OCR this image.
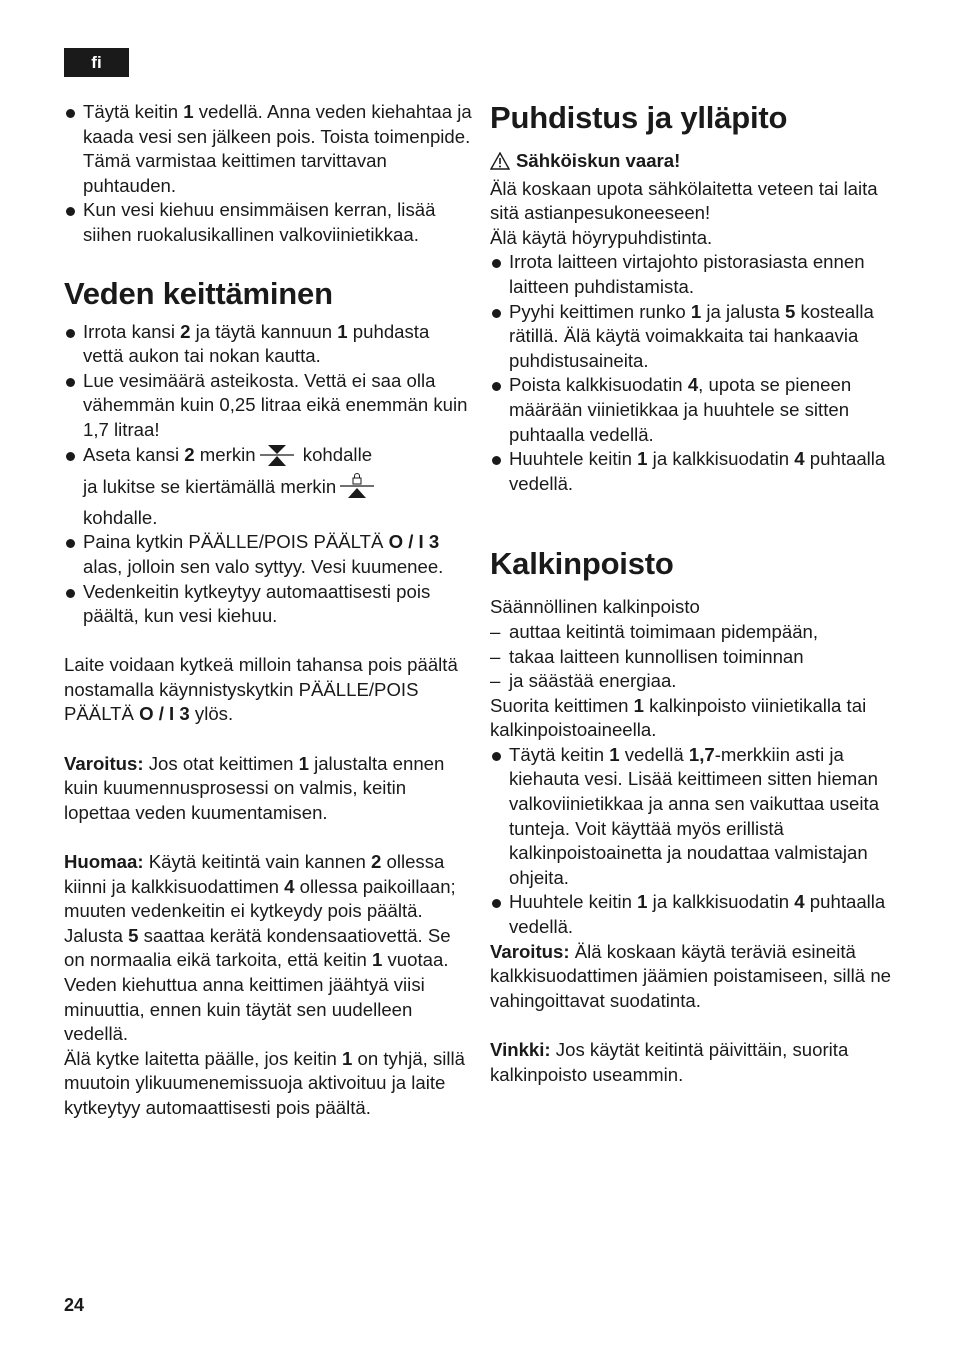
fi
Täytä keitin 1 vedellä. Anna veden kiehahtaa ja kaada vesi sen jälkeen pois. Toista toimenpide. Tämä varmistaa keittimen tarvittavan puhtauden.
Kun vesi kiehuu ensimmäisen kerran, lisää siihen ruokalusikallinen valkoviinietikkaa.
Veden keittäminen
Irrota kansi 2 ja täytä kannuun 1 puhdasta vettä aukon tai nokan kautta.
Lue vesimäärä asteikosta. Vettä ei saa olla vähemmän kuin 0,25 litraa eikä enemmän kuin 1,7 litraa!
Aseta kansi 2 merkin kohdalle
ja lukitse se kiertämällä merkin
kohdalle.
Paina kytkin PÄÄLLE/POIS PÄÄLTÄ O / I 3 alas, jolloin sen valo syttyy. Vesi kuumenee.
Vedenkeitin kytkeytyy automaattisesti pois päältä, kun vesi kiehuu.

Laite voidaan kytkeä milloin tahansa pois päältä nostamalla käynnistyskytkin PÄÄLLE/POIS PÄÄLTÄ O / I 3 ylös.

Varoitus: Jos otat keittimen 1 jalustalta ennen kuin kuumennusprosessi on valmis, keitin lopettaa veden kuumentamisen.

Huomaa: Käytä keitintä vain kannen 2 ollessa kiinni ja kalkkisuodattimen 4 ollessa paikoillaan; muuten vedenkeitin ei kytkeydy pois päältä.

Jalusta 5 saattaa kerätä kondensaatiovettä. Se on normaalia eikä tarkoita, että keitin 1 vuotaa.

Veden kiehuttua anna keittimen jäähtyä viisi minuuttia, ennen kuin täytät sen uudelleen vedellä.

Älä kytke laitetta päälle, jos keitin 1 on tyhjä, sillä muutoin ylikuumenemissuoja aktivoituu ja laite kytkeytyy automaattisesti pois päältä.

Puhdistus ja ylläpito

Sähköiskun vaara!

Älä koskaan upota sähkölaitetta veteen tai laita sitä astianpesukoneeseen!

Älä käytä höyrypuhdistinta.

Irrota laitteen virtajohto pistorasiasta ennen laitteen puhdistamista.
Pyyhi keittimen runko 1 ja jalusta 5 kostealla rätillä. Älä käytä voimakkaita tai hankaavia puhdistusaineita.
Poista kalkkisuodatin 4, upota se pieneen määrään viinietikkaa ja huuhtele se sitten puhtaalla vedellä.
Huuhtele keitin 1 ja kalkkisuodatin 4 puhtaalla vedellä.
Kalkinpoisto

Säännöllinen kalkinpoisto

– auttaa keitintä toimimaan pidempään,
– takaa laitteen kunnollisen toiminnan
– ja säästää energiaa.

Suorita keittimen 1 kalkinpoisto viinietikalla tai kalkinpoistoaineella.

Täytä keitin 1 vedellä 1,7-merkkiin asti ja kiehauta vesi. Lisää keittimeen sitten hieman valkoviinietikkaa ja anna sen vaikuttaa useita tunteja. Voit käyttää myös erillistä kalkinpoistoainetta ja noudattaa valmistajan ohjeita.
Huuhtele keitin 1 ja kalkkisuodatin 4 puhtaalla vedellä.

Varoitus: Älä koskaan käytä teräviä esineitä kalkkisuodattimen jäämien poistamiseen, sillä ne vahingoittavat suodatinta.

Vinkki: Jos käytät keitintä päivittäin, suorita kalkinpoisto useammin.

24
